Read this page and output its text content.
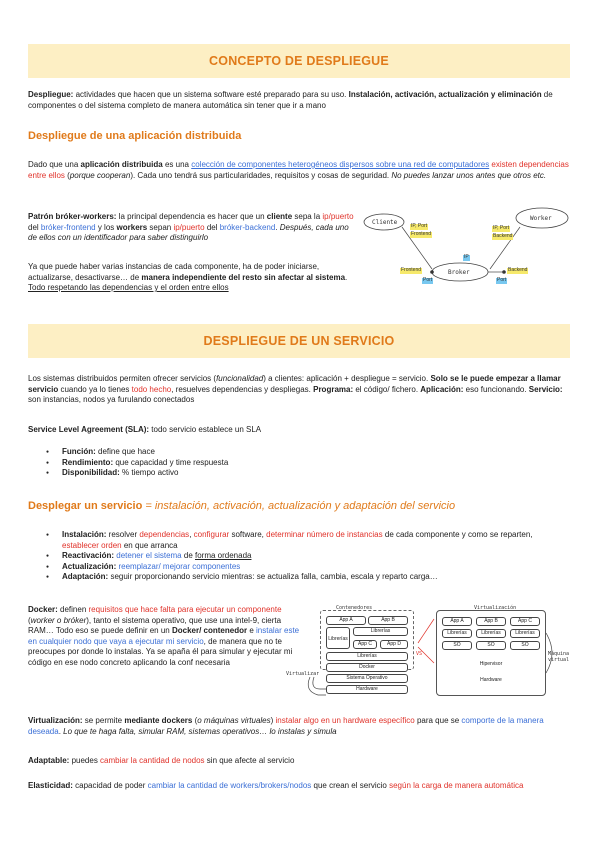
CONCEPTO DE DESPLIEGUE

Despliegue: actividades que hacen que un sistema software esté preparado para su uso. Instalación, activación, actualización y eliminación de componentes o del sistema completo de manera automática sin tener que ir a mano

Despliegue de una aplicación distribuida

Dado que una aplicación distribuida es una colección de componentes heterogéneos dispersos sobre una red de computadores existen dependencias entre ellos (porque cooperan). Cada uno tendrá sus particularidades, requisitos y cosas de seguridad. No puedes lanzar unos antes que otros etc.

Patrón bróker-workers: la principal dependencia es hacer que un cliente sepa la ip/puerto del bróker-frontend y los workers sepan ip/puerto del bróker-backend. Después, cada uno de ellos con un identificador para saber distinguirlo

Ya que puede haber varias instancias de cada componente, ha de poder iniciarse, actualizarse, desactivarse… de manera independiente del resto sin afectar al sistema. Todo respetando las dependencias y el orden entre ellos

Cliente
Worker
Broker
IP, Port
Frontend
IP, Port
Backend
IP
Frontend
Port
Backend
Port
DESPLIEGUE DE UN SERVICIO

Los sistemas distribuidos permiten ofrecer servicios (funcionalidad) a clientes: aplicación + despliegue = servicio. Solo se le puede empezar a llamar servicio cuando ya lo tienes todo hecho, resuelves dependencias y despliegas. Programa: el código/ fichero. Aplicación: eso funcionando. Servicio: son instancias, nodos ya furulando conectados

Service Level Agreement (SLA): todo servicio establece un SLA

● Función: define que hace
● Rendimiento: que capacidad y time respuesta
● Disponibilidad: % tiempo activo
Desplegar un servicio = instalación, activación, actualización y adaptación del servicio
● Instalación: resolver dependencias, configurar software, determinar número de instancias de cada componente y como se reparten, establecer orden en que arranca
● Reactivación: detener el sistema de forma ordenada
● Actualización: reemplazar/ mejorar componentes
● Adaptación: seguir proporcionando servicio mientras: se actualiza falla, cambia, escala y reparto carga…

Docker: definen requisitos que hace falta para ejecutar un componente (worker o bróker), tanto el sistema operativo, que use una intel-9, cierta RAM… Todo eso se puede definir en un Docker/ contenedor e instalar este en cualquier nodo que vaya a ejecutar mi servicio, de manera que no te preocupes por donde lo instalas. Ya se apaña él para simular y ejecutar mi código en ese nodo concreto aplicando la conf necesaria

Contenedores
App A	App B
Librerías
Librerías
App C	App D
Librerías
Docker
Sistema Operativo
Hardware
Virtualizar
VS
Virtualización
App A	App B	App C
Librerías	Librerías	Librerías
SO	SO	SO
Hipervisor
Hardware
Máquina virtual

Virtualización: se permite mediante dockers (o máquinas virtuales) instalar algo en un hardware específico para que se comporte de la manera deseada. Lo que te haga falta, simular RAM, sistemas operativos… lo instalas y simula

Adaptable: puedes cambiar la cantidad de nodos sin que afecte al servicio

Elasticidad: capacidad de poder cambiar la cantidad de workers/brokers/nodos que crean el servicio según la carga de manera automática
